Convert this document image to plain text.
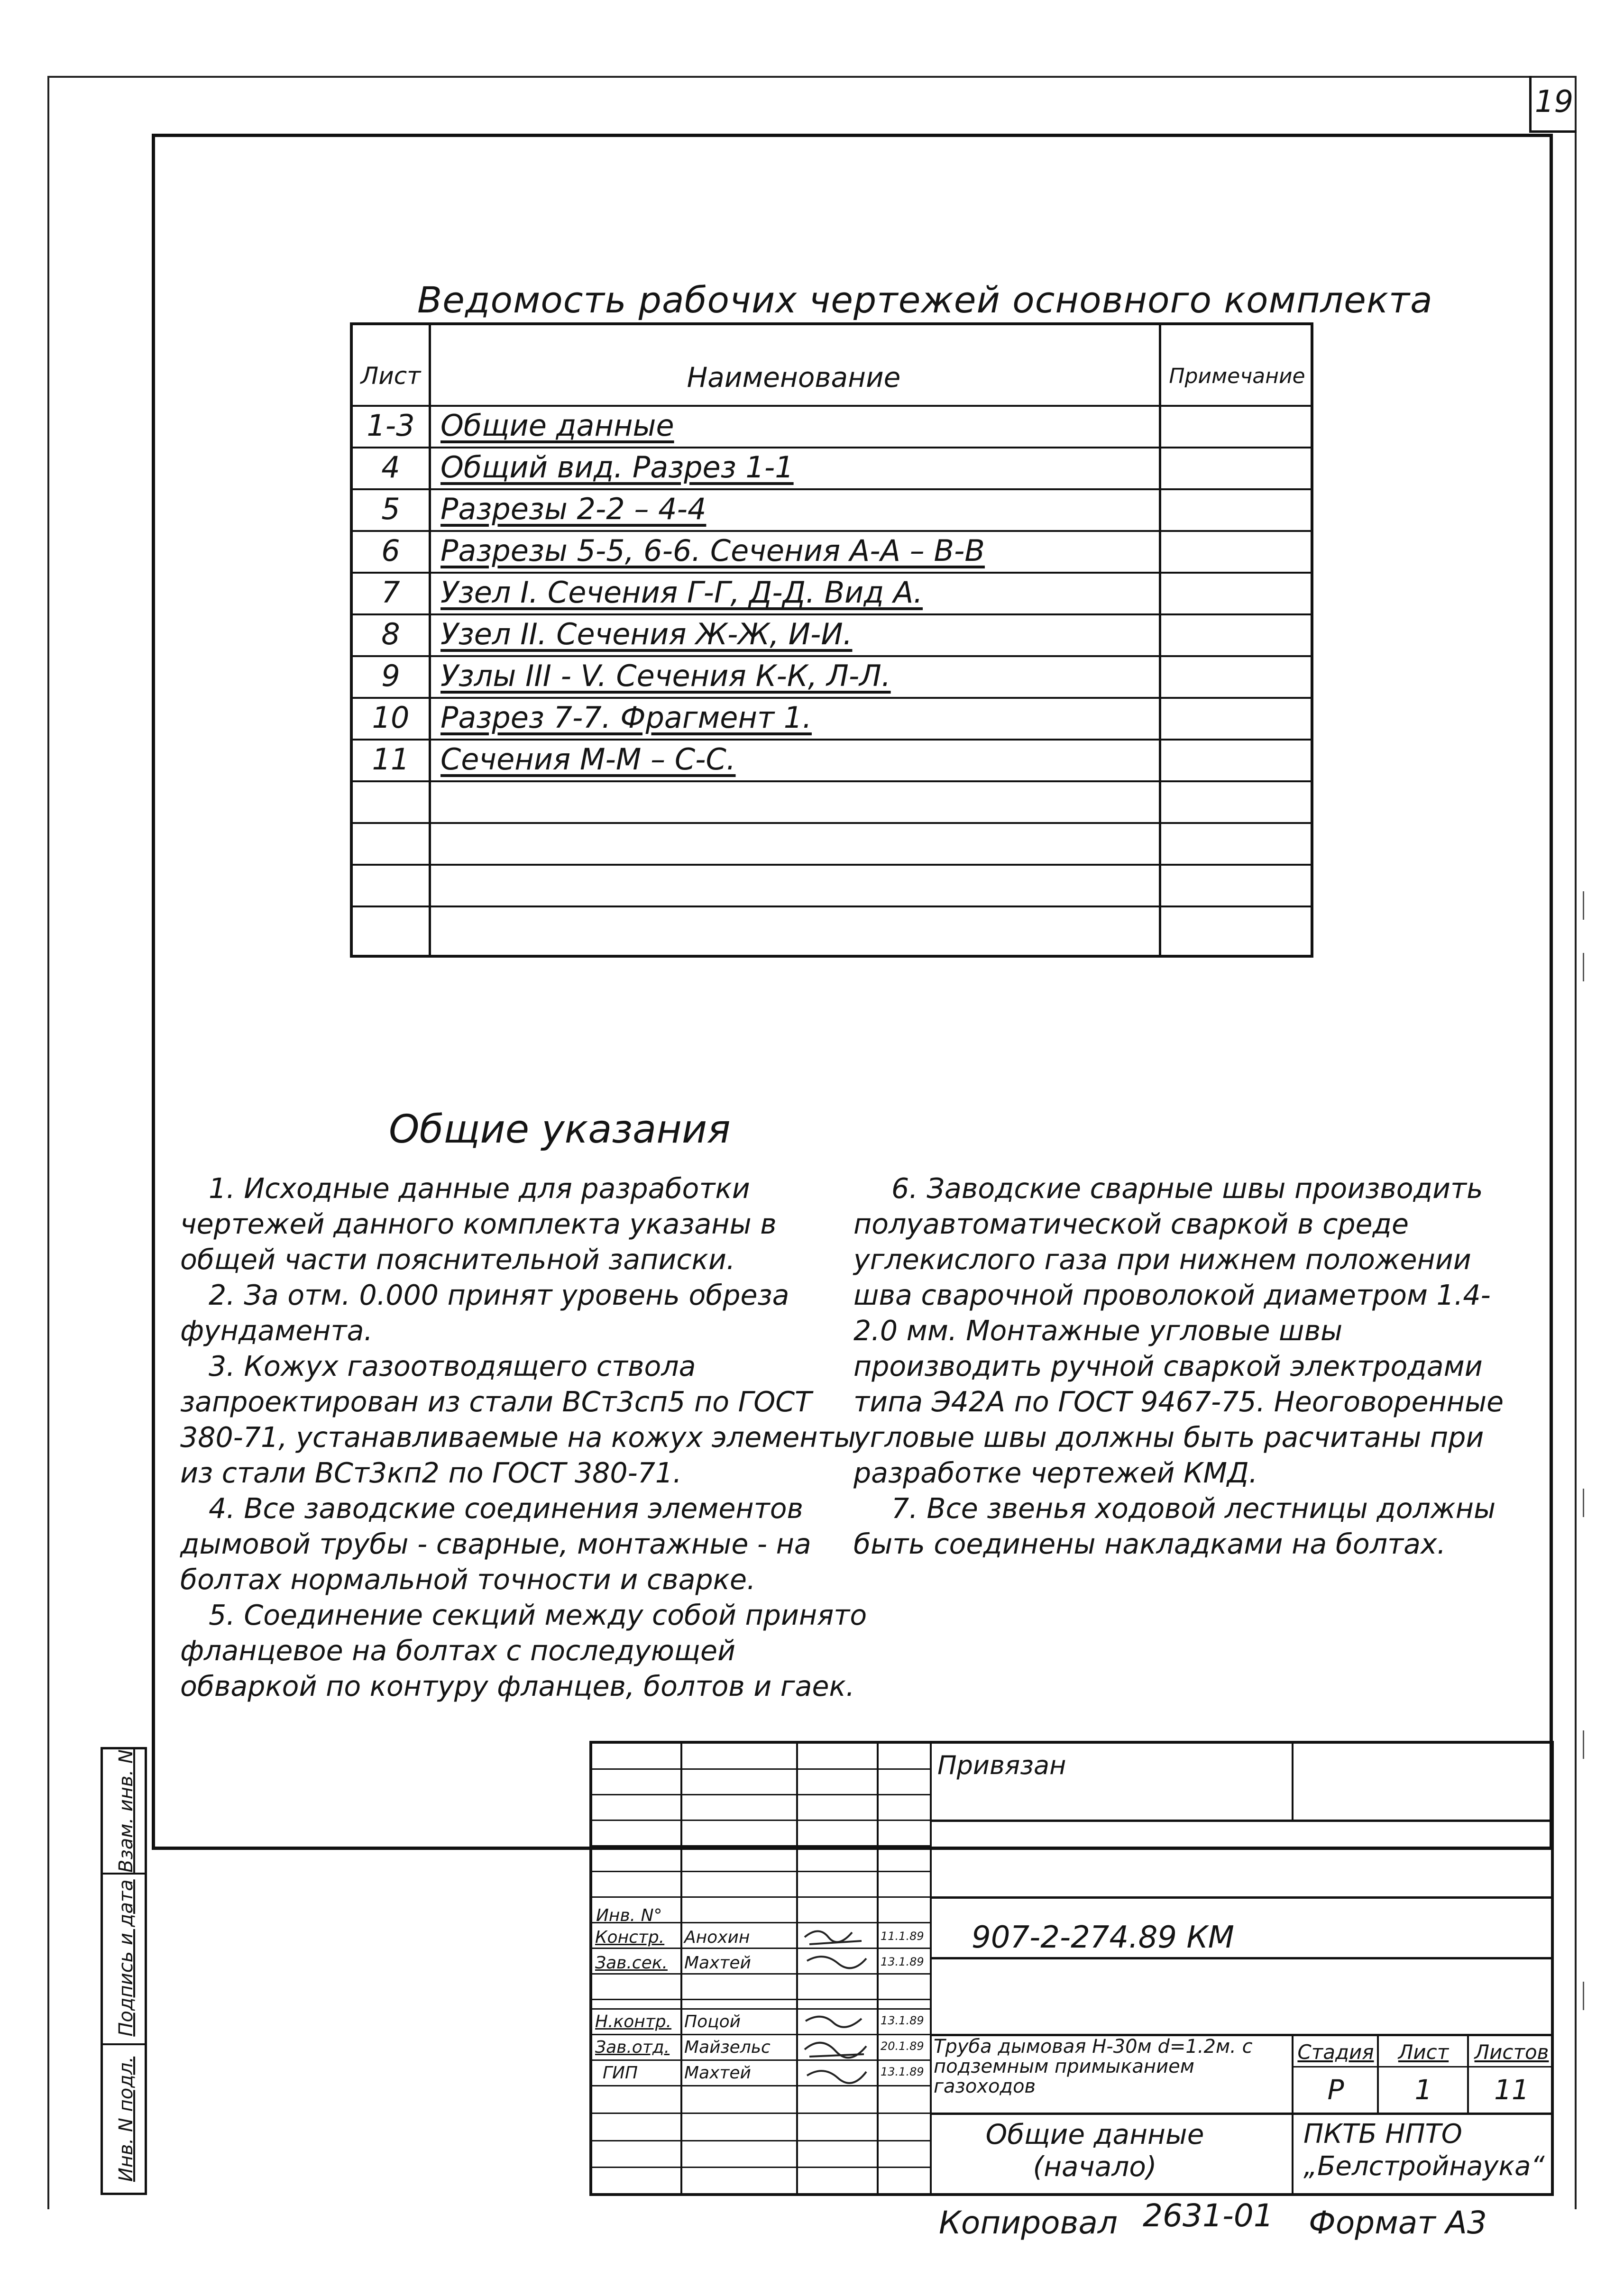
19
Ведомость рабочих чертежей основного комплекта
Лист	Наименование	Примечание
1-3 Общие данные
4	Общий вид. Разрез 1-1
5	Разрезы 2-2 – 4-4
6	Разрезы 5-5, 6-6. Сечения А-А – В-В
7	Узел I. Сечения Г-Г, Д-Д. Вид А.
8	Узел II. Сечения Ж-Ж, И-И.
9	Узлы III - V. Сечения К-К, Л-Л.
10	Разрез 7-7. Фрагмент 1.
11	Сечения М-М – С-С.
Общие указания

1. Исходные данные для разработки чертежей данного комплекта указаны в общей части пояснительной записки.

2. За отм. 0.000 принят уровень обреза фундамента.

3. Кожух газоотводящего ствола запроектирован из стали ВСт3сп5 по ГОСТ 380-71, устанавливаемые на кожух элементы из стали ВСт3кп2 по ГОСТ 380-71.

4. Все заводские соединения элементов дымовой трубы - сварные, монтажные - на болтах нормальной точности и сварке.

5. Соединение секций между собой принято фланцевое на болтах с последующей обваркой по контуру фланцев, болтов и гаек.

6. Заводские сварные швы производить полуавтоматической сваркой в среде углекислого газа при нижнем положении шва сварочной проволокой диаметром 1.4-2.0 мм. Монтажные угловые швы производить ручной сваркой электродами типа Э42А по ГОСТ 9467-75. Неоговоренные угловые швы должны быть расчитаны при разработке чертежей КМД.

7. Все звенья ходовой лестницы должны быть соединены накладками на болтах.

Взам. инв. N
Подпись и дата
Инв. N подл.
Привязан
Инв. N°
Констр. Анохин	11.1.89
Зав.сек. Махтей	13.1.89
Н.контр. Поцой	13.1.89
Зав.отд. Майзельс	20.1.89
ГИП	Махтей	13.1.89
907-2-274.89 КМ
Труба дымовая Н-30м d=1.2м. с подземным примыканием газоходов
Стадия	Лист	Листов
Р	1	11
Общие данные (начало)
ПКТБ НПТО „Белстройнаука“
Копировал 2631-01 Формат А3
